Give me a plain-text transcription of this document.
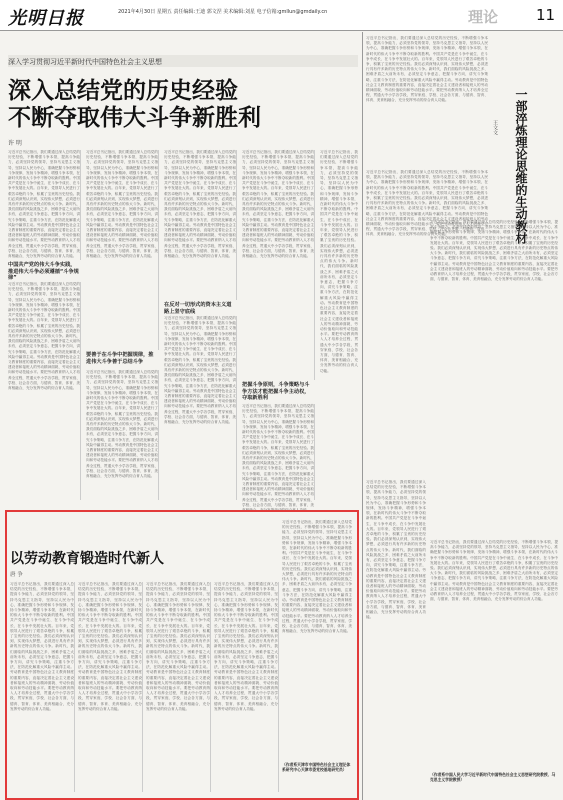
光明日报	2021年4月30日 星期五 责任编辑:王迪 郭文涅 美术编辑:刘星 电子信箱:gmllun@gmdaily.cn	理论	11
深入学习贯彻习近平新时代中国特色社会主义思想
深入总结党的历史经验
不断夺取伟大斗争新胜利
许 明
习近平总书记指出，我们要通过深入总结党的历史经验，不断增强斗争本领，提高斗争能力，必须坚持党的领导，坚持马克思主义指导，坚持以人民为中心，准确把握斗争形势和斗争规律，发扬斗争精神，增强斗争本领，在新时代的伟大斗争中不断夺取新的胜利。中国共产党是在斗争中诞生、在斗争中成长、在斗争中发展壮大的。百年来，党领导人民进行了艰苦卓绝的斗争，积累了宝贵的历史经验。我们必须深刻认识到，实现伟大梦想，必须进行具有许多新的历史特点的伟大斗争。新时代，我们面临的风险挑战之多、困难矛盾之大前所未有，必须坚定斗争意志，把握斗争方向，讲究斗争策略，注重斗争方法，在防范化解重大风险中赢得主动。劳动教育是中国特色社会主义教育制度的重要内容，直接决定着社会主义建设者和接班人的劳动精神面貌、劳动价值取向和劳动技能水平。要把劳动教育纳入人才培养全过程，贯通大中小学各学段，贯穿家庭、学校、社会各方面，与德育、智育、体育、美育相融合，充分发挥劳动的综合育人功能。
中国共产党的伟大斗争实践，推进伟大斗争必须遵循“斗争规律”
习近平总书记指出，我们要通过深入总结党的历史经验，不断增强斗争本领，提高斗争能力，必须坚持党的领导，坚持马克思主义指导，坚持以人民为中心，准确把握斗争形势和斗争规律，发扬斗争精神，增强斗争本领，在新时代的伟大斗争中不断夺取新的胜利。中国共产党是在斗争中诞生、在斗争中成长、在斗争中发展壮大的。百年来，党领导人民进行了艰苦卓绝的斗争，积累了宝贵的历史经验。我们必须深刻认识到，实现伟大梦想，必须进行具有许多新的历史特点的伟大斗争。新时代，我们面临的风险挑战之多、困难矛盾之大前所未有，必须坚定斗争意志，把握斗争方向，讲究斗争策略，注重斗争方法，在防范化解重大风险中赢得主动。劳动教育是中国特色社会主义教育制度的重要内容，直接决定着社会主义建设者和接班人的劳动精神面貌、劳动价值取向和劳动技能水平。要把劳动教育纳入人才培养全过程，贯通大中小学各学段，贯穿家庭、学校、社会各方面，与德育、智育、体育、美育相融合，充分发挥劳动的综合育人功能。
习近平总书记指出，我们要通过深入总结党的历史经验，不断增强斗争本领，提高斗争能力，必须坚持党的领导，坚持马克思主义指导，坚持以人民为中心，准确把握斗争形势和斗争规律，发扬斗争精神，增强斗争本领，在新时代的伟大斗争中不断夺取新的胜利。中国共产党是在斗争中诞生、在斗争中成长、在斗争中发展壮大的。百年来，党领导人民进行了艰苦卓绝的斗争，积累了宝贵的历史经验。我们必须深刻认识到，实现伟大梦想，必须进行具有许多新的历史特点的伟大斗争。新时代，我们面临的风险挑战之多、困难矛盾之大前所未有，必须坚定斗争意志，把握斗争方向，讲究斗争策略，注重斗争方法，在防范化解重大风险中赢得主动。劳动教育是中国特色社会主义教育制度的重要内容，直接决定着社会主义建设者和接班人的劳动精神面貌、劳动价值取向和劳动技能水平。要把劳动教育纳入人才培养全过程，贯通大中小学各学段，贯穿家庭、学校、社会各方面，与德育、智育、体育、美育相融合，充分发挥劳动的综合育人功能。
要善于在斗争中把握规律，推进伟大斗争善于总结斗争
习近平总书记指出，我们要通过深入总结党的历史经验，不断增强斗争本领，提高斗争能力，必须坚持党的领导，坚持马克思主义指导，坚持以人民为中心，准确把握斗争形势和斗争规律，发扬斗争精神，增强斗争本领，在新时代的伟大斗争中不断夺取新的胜利。中国共产党是在斗争中诞生、在斗争中成长、在斗争中发展壮大的。百年来，党领导人民进行了艰苦卓绝的斗争，积累了宝贵的历史经验。我们必须深刻认识到，实现伟大梦想，必须进行具有许多新的历史特点的伟大斗争。新时代，我们面临的风险挑战之多、困难矛盾之大前所未有，必须坚定斗争意志，把握斗争方向，讲究斗争策略，注重斗争方法，在防范化解重大风险中赢得主动。劳动教育是中国特色社会主义教育制度的重要内容，直接决定着社会主义建设者和接班人的劳动精神面貌、劳动价值取向和劳动技能水平。要把劳动教育纳入人才培养全过程，贯通大中小学各学段，贯穿家庭、学校、社会各方面，与德育、智育、体育、美育相融合，充分发挥劳动的综合育人功能。
习近平总书记指出，我们要通过深入总结党的历史经验，不断增强斗争本领，提高斗争能力，必须坚持党的领导，坚持马克思主义指导，坚持以人民为中心，准确把握斗争形势和斗争规律，发扬斗争精神，增强斗争本领，在新时代的伟大斗争中不断夺取新的胜利。中国共产党是在斗争中诞生、在斗争中成长、在斗争中发展壮大的。百年来，党领导人民进行了艰苦卓绝的斗争，积累了宝贵的历史经验。我们必须深刻认识到，实现伟大梦想，必须进行具有许多新的历史特点的伟大斗争。新时代，我们面临的风险挑战之多、困难矛盾之大前所未有，必须坚定斗争意志，把握斗争方向，讲究斗争策略，注重斗争方法，在防范化解重大风险中赢得主动。劳动教育是中国特色社会主义教育制度的重要内容，直接决定着社会主义建设者和接班人的劳动精神面貌、劳动价值取向和劳动技能水平。要把劳动教育纳入人才培养全过程，贯通大中小学各学段，贯穿家庭、学校、社会各方面，与德育、智育、体育、美育相融合，充分发挥劳动的综合育人功能。
在反对一切形式的资本主义道路上坚守底线
习近平总书记指出，我们要通过深入总结党的历史经验，不断增强斗争本领，提高斗争能力，必须坚持党的领导，坚持马克思主义指导，坚持以人民为中心，准确把握斗争形势和斗争规律，发扬斗争精神，增强斗争本领，在新时代的伟大斗争中不断夺取新的胜利。中国共产党是在斗争中诞生、在斗争中成长、在斗争中发展壮大的。百年来，党领导人民进行了艰苦卓绝的斗争，积累了宝贵的历史经验。我们必须深刻认识到，实现伟大梦想，必须进行具有许多新的历史特点的伟大斗争。新时代，我们面临的风险挑战之多、困难矛盾之大前所未有，必须坚定斗争意志，把握斗争方向，讲究斗争策略，注重斗争方法，在防范化解重大风险中赢得主动。劳动教育是中国特色社会主义教育制度的重要内容，直接决定着社会主义建设者和接班人的劳动精神面貌、劳动价值取向和劳动技能水平。要把劳动教育纳入人才培养全过程，贯通大中小学各学段，贯穿家庭、学校、社会各方面，与德育、智育、体育、美育相融合，充分发挥劳动的综合育人功能。
习近平总书记指出，我们要通过深入总结党的历史经验，不断增强斗争本领，提高斗争能力，必须坚持党的领导，坚持马克思主义指导，坚持以人民为中心，准确把握斗争形势和斗争规律，发扬斗争精神，增强斗争本领，在新时代的伟大斗争中不断夺取新的胜利。中国共产党是在斗争中诞生、在斗争中成长、在斗争中发展壮大的。百年来，党领导人民进行了艰苦卓绝的斗争，积累了宝贵的历史经验。我们必须深刻认识到，实现伟大梦想，必须进行具有许多新的历史特点的伟大斗争。新时代，我们面临的风险挑战之多、困难矛盾之大前所未有，必须坚定斗争意志，把握斗争方向，讲究斗争策略，注重斗争方法，在防范化解重大风险中赢得主动。劳动教育是中国特色社会主义教育制度的重要内容，直接决定着社会主义建设者和接班人的劳动精神面貌、劳动价值取向和劳动技能水平。要把劳动教育纳入人才培养全过程，贯通大中小学各学段，贯穿家庭、学校、社会各方面，与德育、智育、体育、美育相融合，充分发挥劳动的综合育人功能。
把握斗争原则，斗争策略与斗争方法才能把握斗争主动权，夺取新胜利
习近平总书记指出，我们要通过深入总结党的历史经验，不断增强斗争本领，提高斗争能力，必须坚持党的领导，坚持马克思主义指导，坚持以人民为中心，准确把握斗争形势和斗争规律，发扬斗争精神，增强斗争本领，在新时代的伟大斗争中不断夺取新的胜利。中国共产党是在斗争中诞生、在斗争中成长、在斗争中发展壮大的。百年来，党领导人民进行了艰苦卓绝的斗争，积累了宝贵的历史经验。我们必须深刻认识到，实现伟大梦想，必须进行具有许多新的历史特点的伟大斗争。新时代，我们面临的风险挑战之多、困难矛盾之大前所未有，必须坚定斗争意志，把握斗争方向，讲究斗争策略，注重斗争方法，在防范化解重大风险中赢得主动。劳动教育是中国特色社会主义教育制度的重要内容，直接决定着社会主义建设者和接班人的劳动精神面貌、劳动价值取向和劳动技能水平。要把劳动教育纳入人才培养全过程，贯通大中小学各学段，贯穿家庭、学校、社会各方面，与德育、智育、体育、美育相融合，充分发挥劳动的综合育人功能。
习近平总书记指出，我们要通过深入总结党的历史经验，不断增强斗争本领，提高斗争能力，必须坚持党的领导，坚持马克思主义指导，坚持以人民为中心，准确把握斗争形势和斗争规律，发扬斗争精神，增强斗争本领，在新时代的伟大斗争中不断夺取新的胜利。中国共产党是在斗争中诞生、在斗争中成长、在斗争中发展壮大的。百年来，党领导人民进行了艰苦卓绝的斗争，积累了宝贵的历史经验。我们必须深刻认识到，实现伟大梦想，必须进行具有许多新的历史特点的伟大斗争。新时代，我们面临的风险挑战之多、困难矛盾之大前所未有，必须坚定斗争意志，把握斗争方向，讲究斗争策略，注重斗争方法，在防范化解重大风险中赢得主动。劳动教育是中国特色社会主义教育制度的重要内容，直接决定着社会主义建设者和接班人的劳动精神面貌、劳动价值取向和劳动技能水平。要把劳动教育纳入人才培养全过程，贯通大中小学各学段，贯穿家庭、学校、社会各方面，与德育、智育、体育、美育相融合，充分发挥劳动的综合育人功能。
一部淬炼理论思维的生动教材
王文文
习近平总书记指出，我们要通过深入总结党的历史经验，不断增强斗争本领，提高斗争能力，必须坚持党的领导，坚持马克思主义指导，坚持以人民为中心，准确把握斗争形势和斗争规律，发扬斗争精神，增强斗争本领，在新时代的伟大斗争中不断夺取新的胜利。中国共产党是在斗争中诞生、在斗争中成长、在斗争中发展壮大的。百年来，党领导人民进行了艰苦卓绝的斗争，积累了宝贵的历史经验。我们必须深刻认识到，实现伟大梦想，必须进行具有许多新的历史特点的伟大斗争。新时代，我们面临的风险挑战之多、困难矛盾之大前所未有，必须坚定斗争意志，把握斗争方向，讲究斗争策略，注重斗争方法，在防范化解重大风险中赢得主动。劳动教育是中国特色社会主义教育制度的重要内容，直接决定着社会主义建设者和接班人的劳动精神面貌、劳动价值取向和劳动技能水平。要把劳动教育纳入人才培养全过程，贯通大中小学各学段，贯穿家庭、学校、社会各方面，与德育、智育、体育、美育相融合，充分发挥劳动的综合育人功能。
习近平总书记指出，我们要通过深入总结党的历史经验，不断增强斗争本领，提高斗争能力，必须坚持党的领导，坚持马克思主义指导，坚持以人民为中心，准确把握斗争形势和斗争规律，发扬斗争精神，增强斗争本领，在新时代的伟大斗争中不断夺取新的胜利。中国共产党是在斗争中诞生、在斗争中成长、在斗争中发展壮大的。百年来，党领导人民进行了艰苦卓绝的斗争，积累了宝贵的历史经验。我们必须深刻认识到，实现伟大梦想，必须进行具有许多新的历史特点的伟大斗争。新时代，我们面临的风险挑战之多、困难矛盾之大前所未有，必须坚定斗争意志，把握斗争方向，讲究斗争策略，注重斗争方法，在防范化解重大风险中赢得主动。劳动教育是中国特色社会主义教育制度的重要内容，直接决定着社会主义建设者和接班人的劳动精神面貌、劳动价值取向和劳动技能水平。要把劳动教育纳入人才培养全过程，贯通大中小学各学段，贯穿家庭、学校、社会各方面，与德育、智育、体育、美育相融合，充分发挥劳动的综合育人功能。
习近平总书记指出，我们要通过深入总结党的历史经验，不断增强斗争本领，提高斗争能力，必须坚持党的领导，坚持马克思主义指导，坚持以人民为中心，准确把握斗争形势和斗争规律，发扬斗争精神，增强斗争本领，在新时代的伟大斗争中不断夺取新的胜利。中国共产党是在斗争中诞生、在斗争中成长、在斗争中发展壮大的。百年来，党领导人民进行了艰苦卓绝的斗争，积累了宝贵的历史经验。我们必须深刻认识到，实现伟大梦想，必须进行具有许多新的历史特点的伟大斗争。新时代，我们面临的风险挑战之多、困难矛盾之大前所未有，必须坚定斗争意志，把握斗争方向，讲究斗争策略，注重斗争方法，在防范化解重大风险中赢得主动。劳动教育是中国特色社会主义教育制度的重要内容，直接决定着社会主义建设者和接班人的劳动精神面貌、劳动价值取向和劳动技能水平。要把劳动教育纳入人才培养全过程，贯通大中小学各学段，贯穿家庭、学校、社会各方面，与德育、智育、体育、美育相融合，充分发挥劳动的综合育人功能。
习近平总书记指出，我们要通过深入总结党的历史经验，不断增强斗争本领，提高斗争能力，必须坚持党的领导，坚持马克思主义指导，坚持以人民为中心，准确把握斗争形势和斗争规律，发扬斗争精神，增强斗争本领，在新时代的伟大斗争中不断夺取新的胜利。中国共产党是在斗争中诞生、在斗争中成长、在斗争中发展壮大的。百年来，党领导人民进行了艰苦卓绝的斗争，积累了宝贵的历史经验。我们必须深刻认识到，实现伟大梦想，必须进行具有许多新的历史特点的伟大斗争。新时代，我们面临的风险挑战之多、困难矛盾之大前所未有，必须坚定斗争意志，把握斗争方向，讲究斗争策略，注重斗争方法，在防范化解重大风险中赢得主动。劳动教育是中国特色社会主义教育制度的重要内容，直接决定着社会主义建设者和接班人的劳动精神面貌、劳动价值取向和劳动技能水平。要把劳动教育纳入人才培养全过程，贯通大中小学各学段，贯穿家庭、学校、社会各方面，与德育、智育、体育、美育相融合，充分发挥劳动的综合育人功能。
习近平总书记指出，我们要通过深入总结党的历史经验，不断增强斗争本领，提高斗争能力，必须坚持党的领导，坚持马克思主义指导，坚持以人民为中心，准确把握斗争形势和斗争规律，发扬斗争精神，增强斗争本领，在新时代的伟大斗争中不断夺取新的胜利。中国共产党是在斗争中诞生、在斗争中成长、在斗争中发展壮大的。百年来，党领导人民进行了艰苦卓绝的斗争，积累了宝贵的历史经验。我们必须深刻认识到，实现伟大梦想，必须进行具有许多新的历史特点的伟大斗争。新时代，我们面临的风险挑战之多、困难矛盾之大前所未有，必须坚定斗争意志，把握斗争方向，讲究斗争策略，注重斗争方法，在防范化解重大风险中赢得主动。劳动教育是中国特色社会主义教育制度的重要内容，直接决定着社会主义建设者和接班人的劳动精神面貌、劳动价值取向和劳动技能水平。要把劳动教育纳入人才培养全过程，贯通大中小学各学段，贯穿家庭、学校、社会各方面，与德育、智育、体育、美育相融合，充分发挥劳动的综合育人功能。
（作者系中国人民大学习近平新时代中国特色社会主义思想研究院教授、马克思主义学院教授）
以劳动教育锻造时代新人
唐 争
习近平总书记指出，我们要通过深入总结党的历史经验，不断增强斗争本领，提高斗争能力，必须坚持党的领导，坚持马克思主义指导，坚持以人民为中心，准确把握斗争形势和斗争规律，发扬斗争精神，增强斗争本领，在新时代的伟大斗争中不断夺取新的胜利。中国共产党是在斗争中诞生、在斗争中成长、在斗争中发展壮大的。百年来，党领导人民进行了艰苦卓绝的斗争，积累了宝贵的历史经验。我们必须深刻认识到，实现伟大梦想，必须进行具有许多新的历史特点的伟大斗争。新时代，我们面临的风险挑战之多、困难矛盾之大前所未有，必须坚定斗争意志，把握斗争方向，讲究斗争策略，注重斗争方法，在防范化解重大风险中赢得主动。劳动教育是中国特色社会主义教育制度的重要内容，直接决定着社会主义建设者和接班人的劳动精神面貌、劳动价值取向和劳动技能水平。要把劳动教育纳入人才培养全过程，贯通大中小学各学段，贯穿家庭、学校、社会各方面，与德育、智育、体育、美育相融合，充分发挥劳动的综合育人功能。
习近平总书记指出，我们要通过深入总结党的历史经验，不断增强斗争本领，提高斗争能力，必须坚持党的领导，坚持马克思主义指导，坚持以人民为中心，准确把握斗争形势和斗争规律，发扬斗争精神，增强斗争本领，在新时代的伟大斗争中不断夺取新的胜利。中国共产党是在斗争中诞生、在斗争中成长、在斗争中发展壮大的。百年来，党领导人民进行了艰苦卓绝的斗争，积累了宝贵的历史经验。我们必须深刻认识到，实现伟大梦想，必须进行具有许多新的历史特点的伟大斗争。新时代，我们面临的风险挑战之多、困难矛盾之大前所未有，必须坚定斗争意志，把握斗争方向，讲究斗争策略，注重斗争方法，在防范化解重大风险中赢得主动。劳动教育是中国特色社会主义教育制度的重要内容，直接决定着社会主义建设者和接班人的劳动精神面貌、劳动价值取向和劳动技能水平。要把劳动教育纳入人才培养全过程，贯通大中小学各学段，贯穿家庭、学校、社会各方面，与德育、智育、体育、美育相融合，充分发挥劳动的综合育人功能。
习近平总书记指出，我们要通过深入总结党的历史经验，不断增强斗争本领，提高斗争能力，必须坚持党的领导，坚持马克思主义指导，坚持以人民为中心，准确把握斗争形势和斗争规律，发扬斗争精神，增强斗争本领，在新时代的伟大斗争中不断夺取新的胜利。中国共产党是在斗争中诞生、在斗争中成长、在斗争中发展壮大的。百年来，党领导人民进行了艰苦卓绝的斗争，积累了宝贵的历史经验。我们必须深刻认识到，实现伟大梦想，必须进行具有许多新的历史特点的伟大斗争。新时代，我们面临的风险挑战之多、困难矛盾之大前所未有，必须坚定斗争意志，把握斗争方向，讲究斗争策略，注重斗争方法，在防范化解重大风险中赢得主动。劳动教育是中国特色社会主义教育制度的重要内容，直接决定着社会主义建设者和接班人的劳动精神面貌、劳动价值取向和劳动技能水平。要把劳动教育纳入人才培养全过程，贯通大中小学各学段，贯穿家庭、学校、社会各方面，与德育、智育、体育、美育相融合，充分发挥劳动的综合育人功能。
习近平总书记指出，我们要通过深入总结党的历史经验，不断增强斗争本领，提高斗争能力，必须坚持党的领导，坚持马克思主义指导，坚持以人民为中心，准确把握斗争形势和斗争规律，发扬斗争精神，增强斗争本领，在新时代的伟大斗争中不断夺取新的胜利。中国共产党是在斗争中诞生、在斗争中成长、在斗争中发展壮大的。百年来，党领导人民进行了艰苦卓绝的斗争，积累了宝贵的历史经验。我们必须深刻认识到，实现伟大梦想，必须进行具有许多新的历史特点的伟大斗争。新时代，我们面临的风险挑战之多、困难矛盾之大前所未有，必须坚定斗争意志，把握斗争方向，讲究斗争策略，注重斗争方法，在防范化解重大风险中赢得主动。劳动教育是中国特色社会主义教育制度的重要内容，直接决定着社会主义建设者和接班人的劳动精神面貌、劳动价值取向和劳动技能水平。要把劳动教育纳入人才培养全过程，贯通大中小学各学段，贯穿家庭、学校、社会各方面，与德育、智育、体育、美育相融合，充分发挥劳动的综合育人功能。
习近平总书记指出，我们要通过深入总结党的历史经验，不断增强斗争本领，提高斗争能力，必须坚持党的领导，坚持马克思主义指导，坚持以人民为中心，准确把握斗争形势和斗争规律，发扬斗争精神，增强斗争本领，在新时代的伟大斗争中不断夺取新的胜利。中国共产党是在斗争中诞生、在斗争中成长、在斗争中发展壮大的。百年来，党领导人民进行了艰苦卓绝的斗争，积累了宝贵的历史经验。我们必须深刻认识到，实现伟大梦想，必须进行具有许多新的历史特点的伟大斗争。新时代，我们面临的风险挑战之多、困难矛盾之大前所未有，必须坚定斗争意志，把握斗争方向，讲究斗争策略，注重斗争方法，在防范化解重大风险中赢得主动。劳动教育是中国特色社会主义教育制度的重要内容，直接决定着社会主义建设者和接班人的劳动精神面貌、劳动价值取向和劳动技能水平。要把劳动教育纳入人才培养全过程，贯通大中小学各学段，贯穿家庭、学校、社会各方面，与德育、智育、体育、美育相融合，充分发挥劳动的综合育人功能。
（作者系天津市中国特色社会主义理论体系研究中心天津市委党校基地研究员）
